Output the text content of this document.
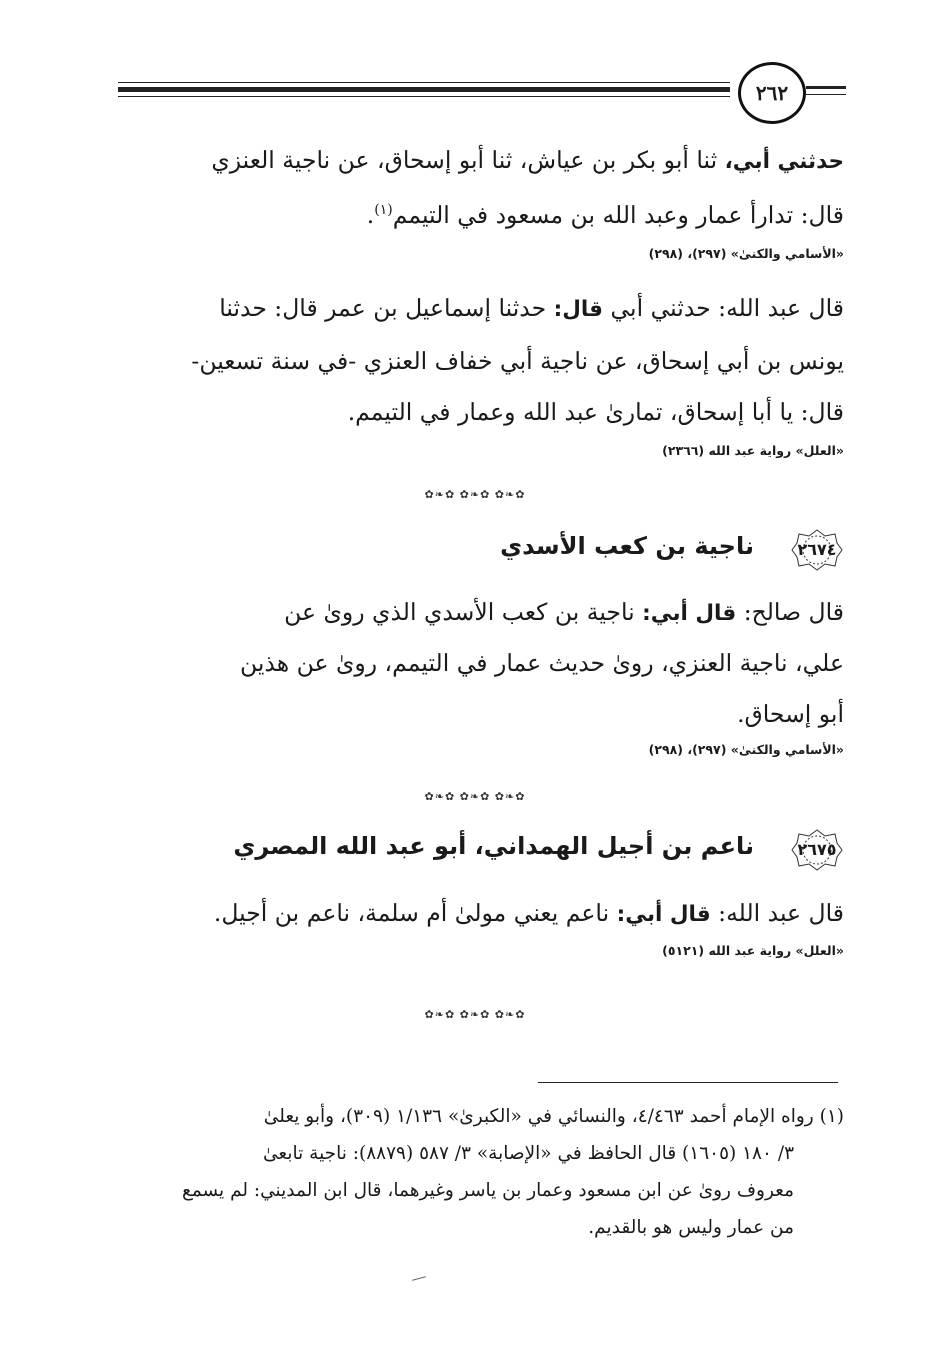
٢٦٢
حدثني أبي، ثنا أبو بكر بن عياش، ثنا أبو إسحاق، عن ناجية العنزي
قال: تدارأ عمار وعبد الله بن مسعود في التيمم$^{(١)}$.
«الأسامي والكنىٰ» (٢٩٧)، (٢٩٨)
قال عبد الله: حدثني أبي قال: حدثنا إسماعيل بن عمر قال: حدثنا
يونس بن أبي إسحاق، عن ناجية أبي خفاف العنزي -في سنة تسعين-
قال: يا أبا إسحاق، تمارىٰ عبد الله وعمار في التيمم.
«العلل» رواية عبد الله (٢٣٦٦)
✿❧✿ ✿❧✿ ✿❧✿
٢٦٧٤
ناجية بن كعب الأسدي
قال صالح: قال أبي: ناجية بن كعب الأسدي الذي روىٰ عن
علي، ناجية العنزي، روىٰ حديث عمار في التيمم، روىٰ عن هذين
أبو إسحاق.
«الأسامي والكنىٰ» (٢٩٧)، (٢٩٨)
✿❧✿ ✿❧✿ ✿❧✿
٢٦٧٥
ناعم بن أجيل الهمداني، أبو عبد الله المصري
قال عبد الله: قال أبي: ناعم يعني مولىٰ أم سلمة، ناعم بن أجيل.
«العلل» رواية عبد الله (٥١٢١)
✿❧✿ ✿❧✿ ✿❧✿
(١) رواه الإمام أحمد ٤/٤٦٣، والنسائي في «الكبرىٰ» ١/١٣٦ (٣٠٩)، وأبو يعلىٰ
٣/ ١٨٠ (١٦٠٥) قال الحافظ في «الإصابة» ٣/ ٥٨٧ (٨٨٧٩): ناجية تابعىٰ
معروف روىٰ عن ابن مسعود وعمار بن ياسر وغيرهما، قال ابن المديني: لم يسمع
من عمار وليس هو بالقديم.
